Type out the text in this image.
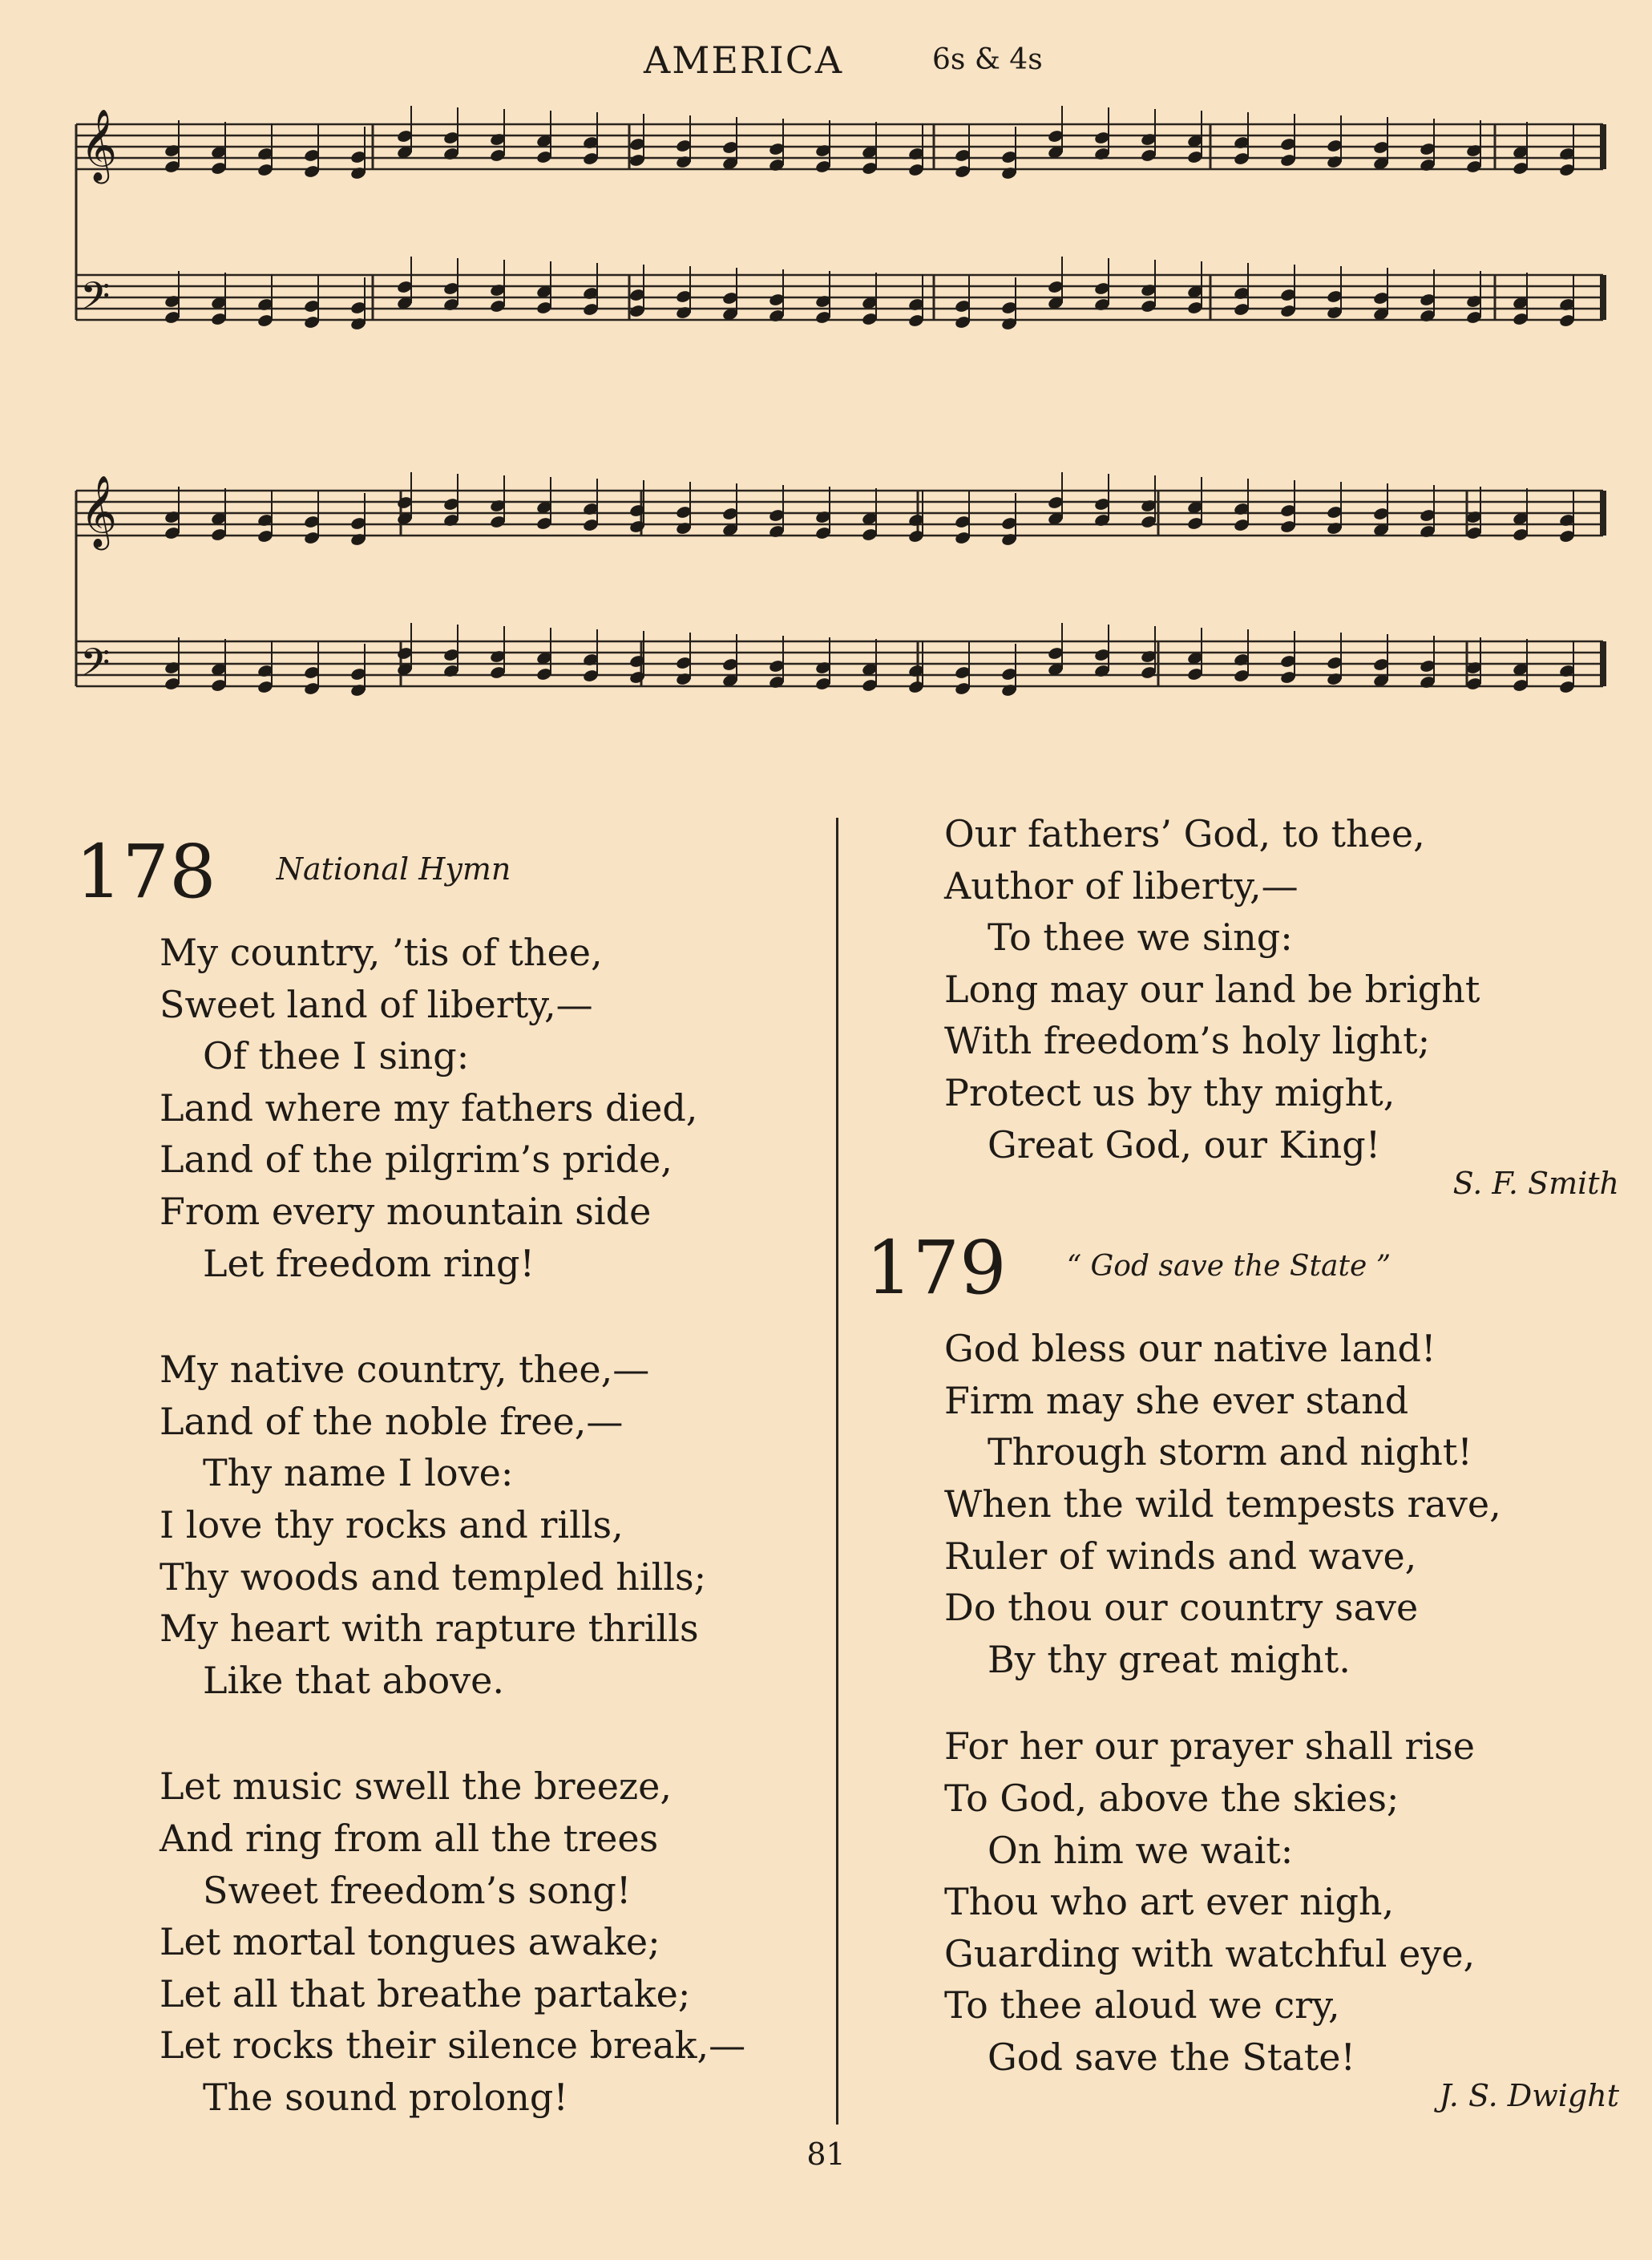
AMERICA	6s & 4s
𝄞
𝄢
𝄞
𝄢
178 National Hymn
My country, ’tis of thee,
Sweet land of liberty,—
Of thee I sing:
Land where my fathers died,
Land of the pilgrim’s pride,
From every mountain side
Let freedom ring!
My native country, thee,—
Land of the noble free,—
Thy name I love:
I love thy rocks and rills,
Thy woods and templed hills;
My heart with rapture thrills
Like that above.
Let music swell the breeze,
And ring from all the trees
Sweet freedom’s song!
Let mortal tongues awake;
Let all that breathe partake;
Let rocks their silence break,—
The sound prolong!
Our fathers’ God, to thee,
Author of liberty,—
To thee we sing:
Long may our land be bright
With freedom’s holy light;
Protect us by thy might,
Great God, our King!
S. F. Smith
179 “ God save the State ”
God bless our native land!
Firm may she ever stand
Through storm and night!
When the wild tempests rave,
Ruler of winds and wave,
Do thou our country save
By thy great might.
For her our prayer shall rise
To God, above the skies;
On him we wait:
Thou who art ever nigh,
Guarding with watchful eye,
To thee aloud we cry,
God save the State!
J. S. Dwight
81
